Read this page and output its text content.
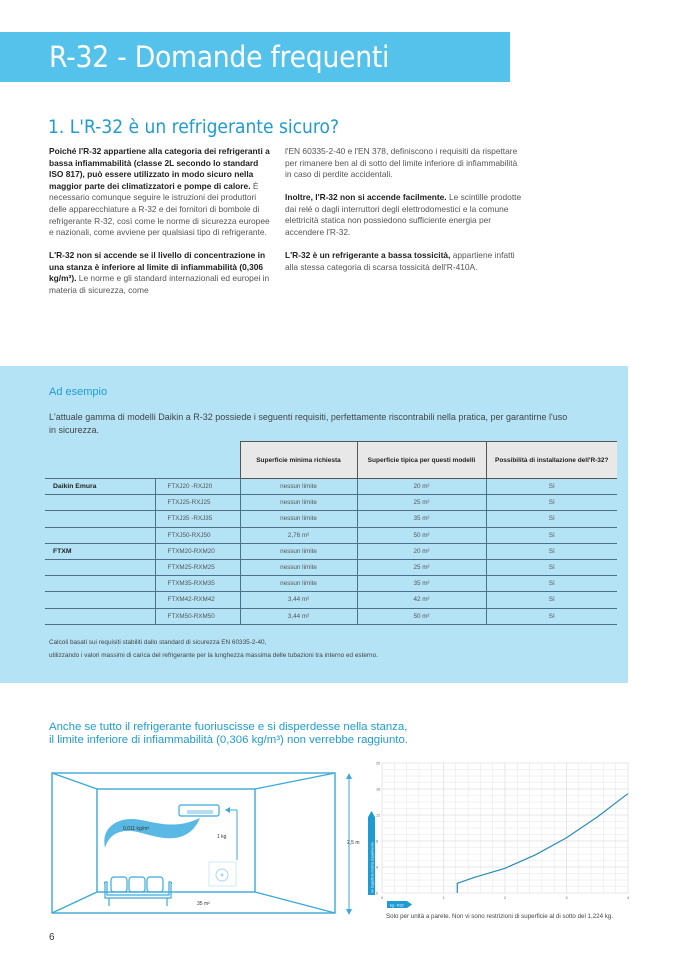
R-32 - Domande frequenti
1. L'R-32 è un refrigerante sicuro?

Poiché l'R-32 appartiene alla categoria dei refrigeranti a bassa infiammabilità (classe 2L secondo lo standard ISO 817), può essere utilizzato in modo sicuro nella maggior parte dei climatizzatori e pompe di calore. È necessario comunque seguire le istruzioni dei produttori delle apparecchiature a R-32 e dei fornitori di bombole di refrigerante R-32, così come le norme di sicurezza europee e nazionali, come avviene per qualsiasi tipo di refrigerante.

L'R-32 non si accende se il livello di concentrazione in una stanza è inferiore al limite di infiammabilità (0,306 kg/m³). Le norme e gli standard internazionali ed europei in materia di sicurezza, come

l'EN 60335-2-40 e l'EN 378, definiscono i requisiti da rispettare per rimanere ben al di sotto del limite inferiore di infiammabilità in caso di perdite accidentali.

Inoltre, l'R-32 non si accende facilmente. Le scintille prodotte dai relé o dagli interruttori degli elettrodomestici e la comune elettricità statica non possiedono sufficiente energia per accendere l'R-32.

L'R-32 è un refrigerante a bassa tossicità, appartiene infatti alla stessa categoria di scarsa tossicità dell'R-410A.

Ad esempio
L'attuale gamma di modelli Daikin a R-32 possiede i seguenti requisiti, perfettamente riscontrabili nella pratica, per garantirne l'uso in sicurezza.
		Superficie minima richiesta	Superficie tipica per questi modelli	Possibilità di installazione dell'R-32?
Daikin Emura	FTXJ20 -RXJ20	nessun limite	20 m²	Sì
	FTXJ25-RXJ25	nessun limite	25 m²	Sì
	FTXJ35 -RXJ35	nessun limite	35 m²	Sì
	FTXJ50-RXJ50	2,76 m²	50 m²	Sì
FTXM	FTXM20-RXM20	nessun limite	20 m²	Sì
	FTXM25-RXM25	nessun limite	25 m²	Sì
	FTXM35-RXM35	nessun limite	35 m²	Sì
	FTXM42-RXM42	3,44 m²	42 m²	Sì
	FTXM50-RXM50	3,44 m²	50 m²	Sì
Calcoli basati sui requisiti stabiliti dallo standard di sicurezza EN 60335-2-40,
utilizzando i valori massimi di carica del refrigerante per la lunghezza massima delle tubazioni tra interno ed esterno.
Anche se tutto il refrigerante fuoriuscisse e si disperdesse nella stanza,
il limite inferiore di infiammabilità (0,306 kg/m³) non verrebbe raggiunto.
0,011 kg/m³
1 kg
35 m²
2,5 m
0
4
8
12
16
20
0	1	2	3	4
m² Superficie minima di pavimento
kg - R32
Solo per unità a parete. Non vi sono restrizioni di superficie al di sotto del 1,224 kg.
6
